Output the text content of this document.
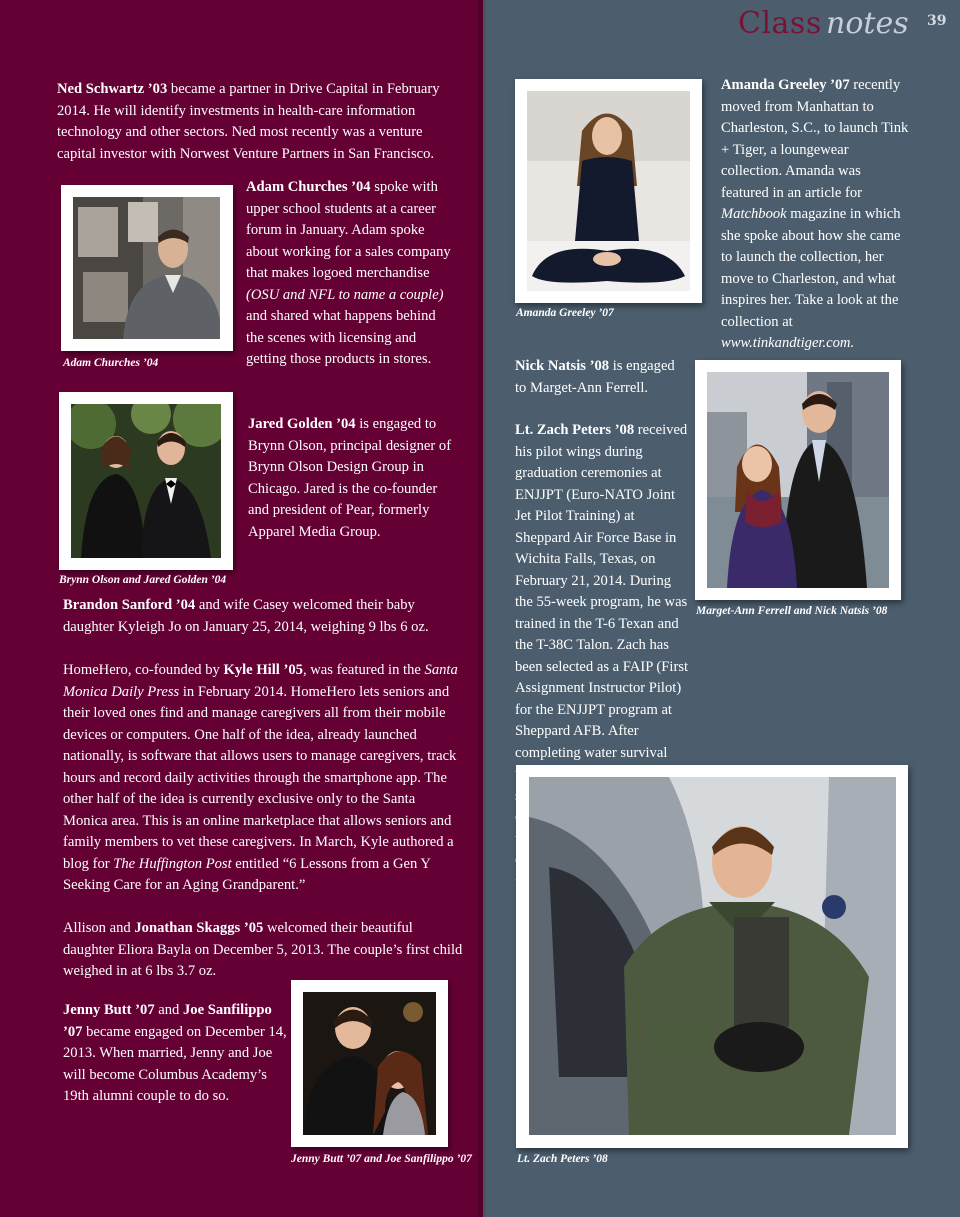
Class notes 39
Ned Schwartz ’03 became a partner in Drive Capital in February 2014. He will identify investments in health-care information technology and other sectors. Ned most recently was a venture capital investor with Norwest Venture Partners in San Francisco.
Adam Churches ’04
Adam Churches ’04 spoke with upper school students at a career forum in January. Adam spoke about working for a sales company that makes logoed merchandise (OSU and NFL to name a couple) and shared what happens behind the scenes with licensing and getting those products in stores.
Brynn Olson and Jared Golden ’04
Jared Golden ’04 is engaged to Brynn Olson, principal designer of Brynn Olson Design Group in Chicago. Jared is the co-founder and president of Pear, formerly Apparel Media Group.
Brandon Sanford ’04 and wife Casey welcomed their baby daughter Kyleigh Jo on January 25, 2014, weighing 9 lbs 6 oz.
HomeHero, co-founded by Kyle Hill ’05, was featured in the Santa Monica Daily Press in February 2014. HomeHero lets seniors and their loved ones find and manage caregivers all from their mobile devices or computers. One half of the idea, already launched nationally, is software that allows users to manage caregivers, track hours and record daily activities through the smartphone app. The other half of the idea is currently exclusive only to the Santa Monica area. This is an online marketplace that allows seniors and family members to vet these caregivers. In March, Kyle authored a blog for The Huffington Post entitled “6 Lessons from a Gen Y Seeking Care for an Aging Grandparent.”
Allison and Jonathan Skaggs ’05 welcomed their beautiful daughter Eliora Bayla on December 5, 2013. The couple’s first child weighed in at 6 lbs 3.7 oz.
Jenny Butt ’07 and Joe Sanfilippo ’07 became engaged on December 14, 2013. When married, Jenny and Joe will become Columbus Academy’s 19th alumni couple to do so.
Jenny Butt ’07 and Joe Sanfilippo ’07
Amanda Greeley ’07
Amanda Greeley ’07 recently moved from Manhattan to Charleston, S.C., to launch Tink + Tiger, a loungewear collection. Amanda was featured in an article for Matchbook magazine in which she spoke about how she came to launch the collection, her move to Charleston, and what inspires her. Take a look at the collection at www.tinkandtiger.com.
Nick Natsis ’08 is engaged to Marget-Ann Ferrell.
Marget-Ann Ferrell and Nick Natsis ’08
Lt. Zach Peters ’08 received his pilot wings during graduation ceremonies at ENJJPT (Euro-NATO Joint Jet Pilot Training) at Sheppard Air Force Base in Wichita Falls, Texas, on February 21, 2014. During the 55-week program, he was trained in the T-6 Texan and the T-38C Talon. Zach has been selected as a FAIP (First Assignment Instructor Pilot) for the ENJJPT program at Sheppard AFB. After completing water survival
Lt. Zach Peters ’08
